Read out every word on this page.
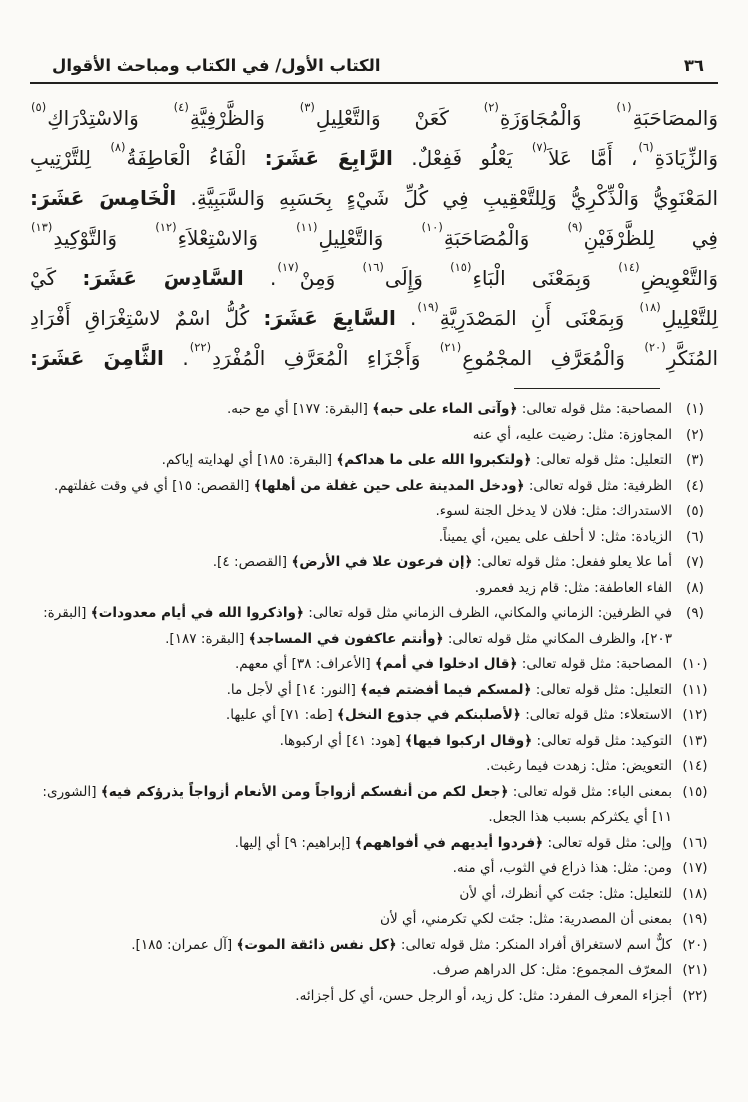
٣٦
الكتاب الأول/ في الكتاب ومباحث الأقوال
وَالمصَاحَبَةِ$^{(١)}$ وَالْمُجَاوَزَةِ$^{(٢)}$ كَعَنْ وَالتَّعْلِيلِ$^{(٣)}$ وَالظَّرْفِيَّةِ$^{(٤)}$ وَالاسْتِدْرَاكِ$^{(٥)}$
وَالزِّيَادَةِ$^{(٦)}$، أَمَّا عَلاَ$^{(٧)}$ يَعْلُو فَفِعْلٌ. الرَّابِعَ عَشَرَ: الْفَاءُ الْعَاطِفَةُ$^{(٨)}$ لِلتَّرْتِيبِ
المَعْنَوِيُّ وَالْذِّكْرِيُّ وَلِلتَّعْقِيبِ فِي كُلِّ شَيْءٍ بِحَسَبِهِ وَالسَّبَبِيَّةِ. الْخَامِسَ عَشَرَ:
فِي لِلظَّرْفَيْنِ$^{(٩)}$ وَالْمُصَاحَبَةِ$^{(١٠)}$ وَالتَّعْلِيلِ$^{(١١)}$ وَالاسْتِعْلاَءِ$^{(١٢)}$ وَالتَّوْكِيدِ$^{(١٣)}$
وَالتَّعْوِيضِ$^{(١٤)}$ وَبِمَعْنَى الْبَاءِ$^{(١٥)}$ وَإِلَى$^{(١٦)}$ وَمِنْ$^{(١٧)}$. السَّادِسَ عَشَرَ: كَيْ
لِلتَّعْلِيلِ$^{(١٨)}$ وَبِمَعْنَى أَنِ المَصْدَرِيَّةِ$^{(١٩)}$. السَّابِعَ عَشَرَ: كُلُّ اسْمٌ لاسْتِغْرَاقِ أَفْرَادِ
المُنَكَّرِ$^{(٢٠)}$ وَالْمُعَرَّفِ المجْمُوعِ$^{(٢١)}$ وَأَجْزَاءِ الْمُعَرَّفِ الْمُفْرَدِ$^{(٢٢)}$. الثَّامِنَ عَشَرَ:
(١)
المصاحبة: مثل قوله تعالى: ﴿وآتى الماء على حبه﴾ [البقرة: ١٧٧] أي مع حبه.
(٢)
المجاوزة: مثل: رضيت عليه، أي عنه
(٣)
التعليل: مثل قوله تعالى: ﴿ولتكبروا الله على ما هداكم﴾ [البقرة: ١٨٥] أي لهدايته إياكم.
(٤)
الظرفية: مثل قوله تعالى: ﴿ودخل المدينة على حين غفلة من أهلها﴾ [القصص: ١٥] أي في وقت غفلتهم.
(٥)
الاستدراك: مثل: فلان لا يدخل الجنة لسوء.
(٦)
الزيادة: مثل: لا أحلف على يمين، أي يميناً.
(٧)
أما علا يعلو ففعل: مثل قوله تعالى: ﴿إن فرعون علا في الأرض﴾ [القصص: ٤].
(٨)
الفاء العاطفة: مثل: قام زيد فعمرو.
(٩)
في الظرفين: الزماني والمكاني، الظرف الزماني مثل قوله تعالى: ﴿واذكروا الله في أيام معدودات﴾ [البقرة: ٢٠٣]، والظرف المكاني مثل قوله تعالى: ﴿وأنتم عاكفون في المساجد﴾ [البقرة: ١٨٧].
(١٠)
المصاحبة: مثل قوله تعالى: ﴿قال ادخلوا في أمم﴾ [الأعراف: ٣٨] أي معهم.
(١١)
التعليل: مثل قوله تعالى: ﴿لمسكم فيما أفضتم فيه﴾ [النور: ١٤] أي لأجل ما.
(١٢)
الاستعلاء: مثل قوله تعالى: ﴿لأصلبنكم في جذوع النخل﴾ [طه: ٧١] أي عليها.
(١٣)
التوكيد: مثل قوله تعالى: ﴿وقال اركبوا فيها﴾ [هود: ٤١] أي اركبوها.
(١٤)
التعويض: مثل: زهدت فيما رغبت.
(١٥)
بمعنى الباء: مثل قوله تعالى: ﴿جعل لكم من أنفسكم أزواجاً ومن الأنعام أزواجاً يذرؤكم فيه﴾ [الشورى: ١١] أي يكثركم بسبب هذا الجعل.
(١٦)
وإلى: مثل قوله تعالى: ﴿فردوا أيديهم في أفواههم﴾ [إبراهيم: ٩] أي إليها.
(١٧)
ومن: مثل: هذا ذراع في الثوب، أي منه.
(١٨)
للتعليل: مثل: جئت كي أنظرك، أي لأن
(١٩)
بمعنى أن المصدرية: مثل: جئت لكي تكرمني، أي لأن
(٢٠)
كلٌّ اسم لاستغراق أفراد المنكر: مثل قوله تعالى: ﴿كل نفس ذائقة الموت﴾ [آل عمران: ١٨٥].
(٢١)
المعرّف المجموع: مثل: كل الدراهم صرف.
(٢٢)
أجزاء المعرف المفرد: مثل: كل زيد، أو الرجل حسن، أي كل أجزائه.
